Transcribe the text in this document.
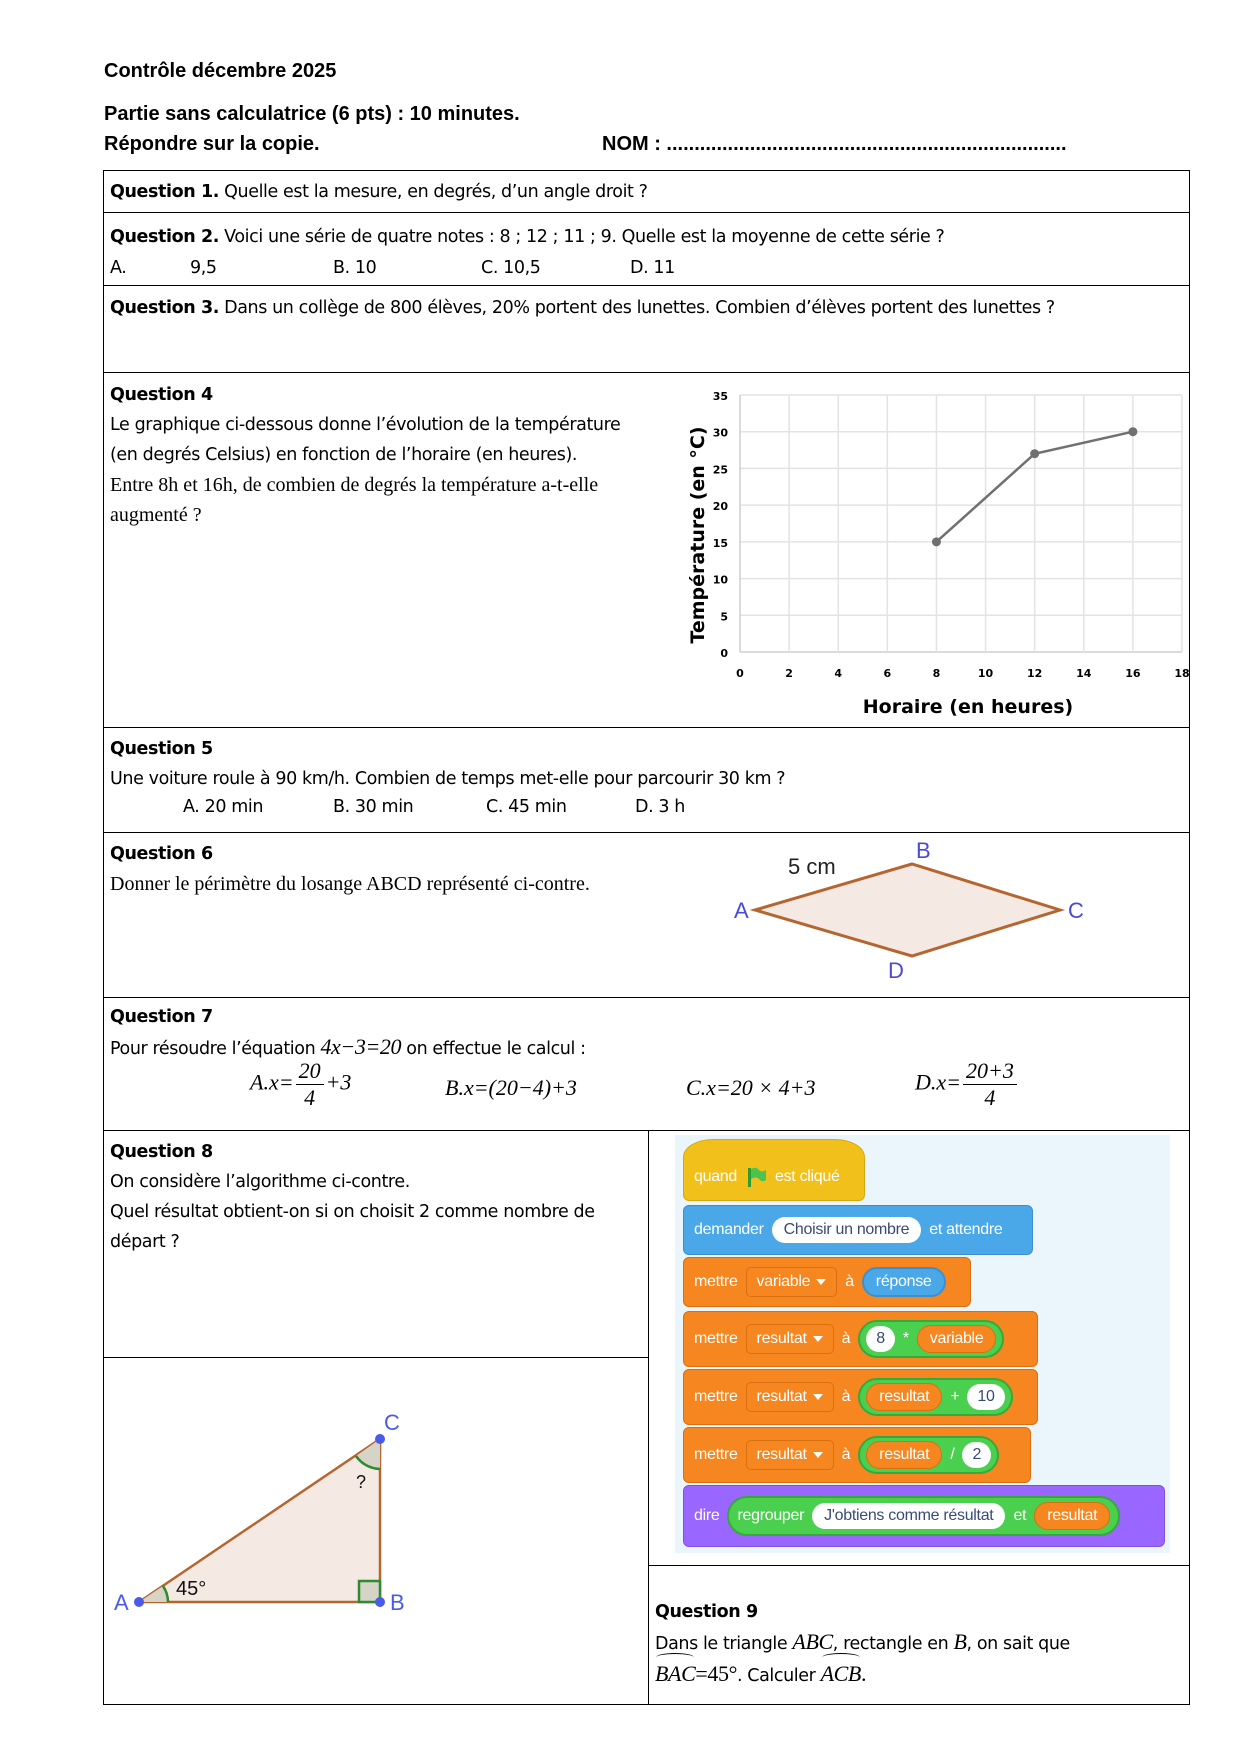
Contrôle décembre 2025
Partie sans calculatrice (6 pts) : 10 minutes.
Répondre sur la copie.	NOM : ........................................................................
Question 1. Quelle est la mesure, en degrés, d’un angle droit ?
Question 2. Voici une série de quatre notes : 8 ; 12 ; 11 ; 9. Quelle est la moyenne de cette série ?
A.	9,5	B. 10	C. 10,5	D. 11
Question 3. Dans un collège de 800 élèves, 20% portent des lunettes. Combien d’élèves portent des lunettes ?
Question 4
Le graphique ci-dessous donne l’évolution de la température (en degrés Celsius) en fonction de l’horaire (en heures).
Entre 8h et 16h, de combien de degrés la température a-t-elle augmenté ?
0
5
10
15
20
25
30
35
0	2	4	6	8	10	12	14	16	18
Horaire (en heures)
Température (en °C)
Question 5
Une voiture roule à 90 km/h. Combien de temps met-elle pour parcourir 30 km ?
A. 20 min	B. 30 min	C. 45 min	D. 3 h
Question 6
Donner le périmètre du losange ABCD représenté ci-contre.
5 cm
A
B
C
D
Question 7
Pour résoudre l’équation 4x−3=20 on effectue le calcul :
$A.x= \frac{20}{4} +3$	B.x=(20−4)+3	C.x=20 × 4+3	$D.x= \frac{20+3}{4}$
Question 8
On considère l’algorithme ci-contre.
Quel résultat obtient-on si on choisit 2 comme nombre de départ ?
quand est cliqué
demander	Choisir un nombre	et attendre
mettre variable à	réponse
mettre resultat à	8	*	variable
mettre resultat à	resultat	+	10
mettre resultat à	resultat	/	2
dire regrouper	J'obtiens comme résultat	et	resultat
A	B
C
45°
?
Question 9
Dans le triangle ABC, rectangle en B, on sait que
BAC=45°. Calculer ACB.
